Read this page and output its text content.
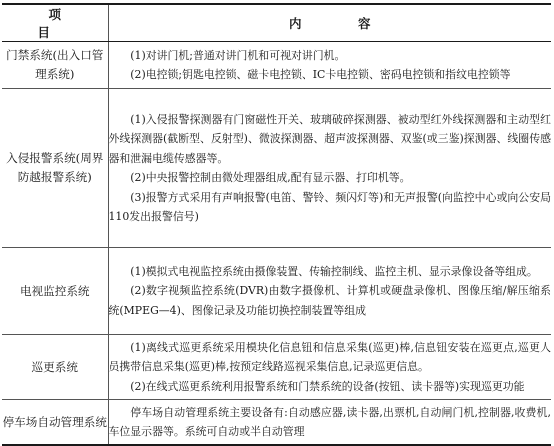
项　目	内　容
门禁系统(出入口管理系统)	(1)对讲门机;普通对讲门机和可视对讲门机。
(2)电控锁;钥匙电控锁、磁卡电控锁、IC卡电控锁、密码电控锁和指纹电控锁等

入侵报警系统(周界防越报警系统)	(1)入侵报警探测器有门窗磁性开关、玻璃破碎探测器、被动型红外线探测器和主动型红外线探测器(截断型、反射型)、微波探测器、超声波探测器、双鉴(或三鉴)探测器、线圈传感器和泄漏电缆传感器等。
(2)中央报警控制由微处理器组成,配有显示器、打印机等。
(3)报警方式采用有声响报警(电笛、警铃、频闪灯等)和无声报警(向监控中心或向公安局110发出报警信号)

电视监控系统	(1)模拟式电视监控系统由摄像装置、传输控制线、监控主机、显示录像设备等组成。
(2)数字视频监控系统(DVR)由数字摄像机、计算机或硬盘录像机、图像压缩/解压缩系统(MPEG—4)、图像记录及功能切换控制装置等组成

巡更系统	(1)离线式巡更系统采用模块化信息钮和信息采集(巡更)棒,信息钮安装在巡更点,巡更人员携带信息采集(巡更)棒,按预定线路巡视采集信息,记录巡更信息。
(2)在线式巡更系统利用报警系统和门禁系统的设备(按钮、读卡器等)实现巡更功能

停车场自动管理系统	停车场自动管理系统主要设备有:自动感应器,读卡器,出票机,自动闸门机,控制器,收费机,车位显示器等。系统可自动或半自动管理
